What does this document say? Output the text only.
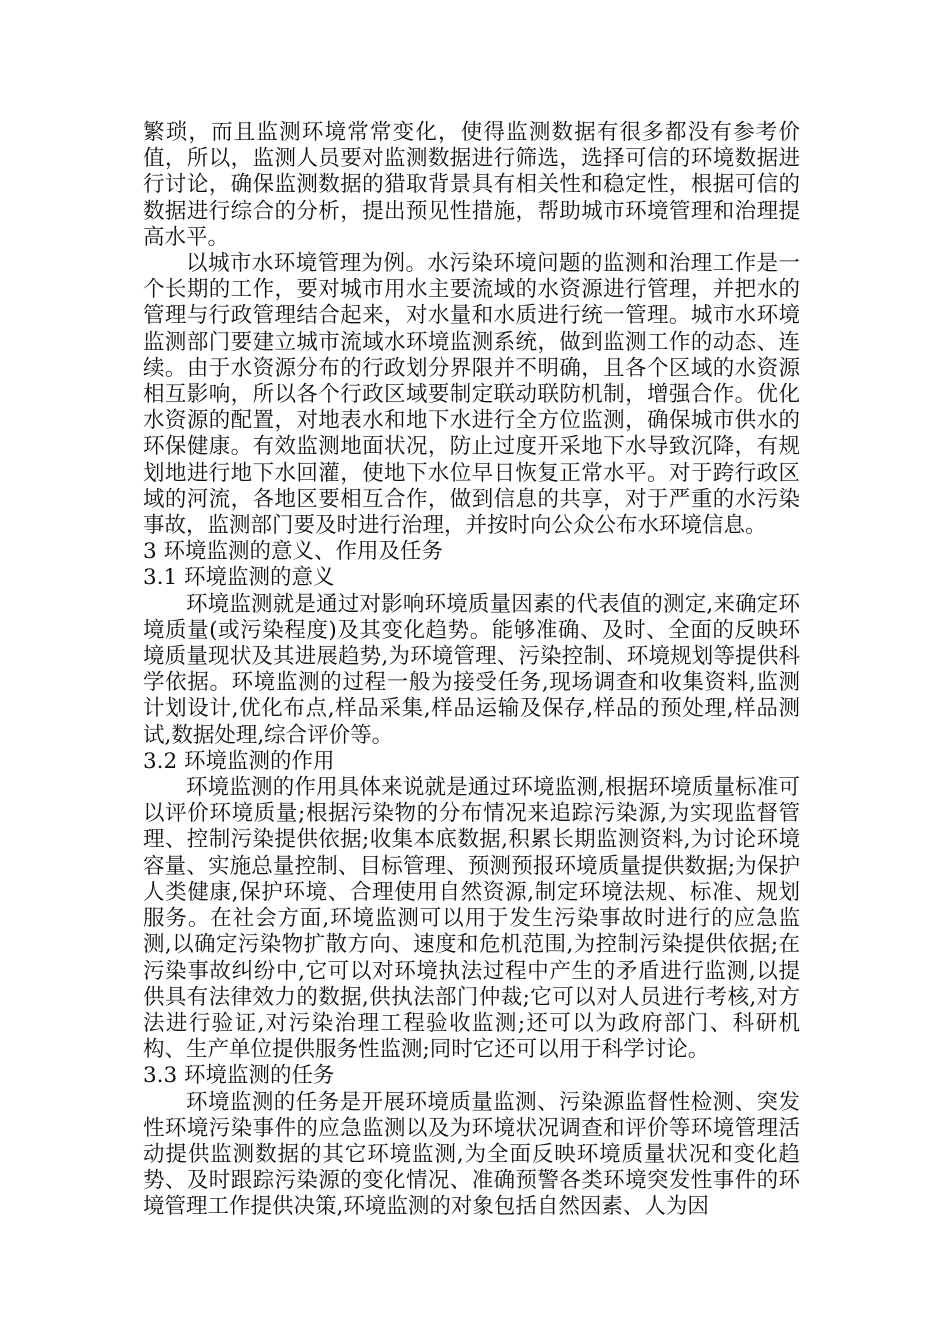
繁琐，而且监测环境常常变化，使得监测数据有很多都没有参考价值，所以，监测人员要对监测数据进行筛选，选择可信的环境数据进行讨论，确保监测数据的猎取背景具有相关性和稳定性，根据可信的数据进行综合的分析，提出预见性措施，帮助城市环境管理和治理提高水平。

以城市水环境管理为例。水污染环境问题的监测和治理工作是一个长期的工作，要对城市用水主要流域的水资源进行管理，并把水的管理与行政管理结合起来，对水量和水质进行统一管理。城市水环境监测部门要建立城市流域水环境监测系统，做到监测工作的动态、连续。由于水资源分布的行政划分界限并不明确，且各个区域的水资源相互影响，所以各个行政区域要制定联动联防机制，增强合作。优化水资源的配置，对地表水和地下水进行全方位监测，确保城市供水的环保健康。有效监测地面状况，防止过度开采地下水导致沉降，有规划地进行地下水回灌，使地下水位早日恢复正常水平。对于跨行政区域的河流，各地区要相互合作，做到信息的共享，对于严重的水污染事故，监测部门要及时进行治理，并按时向公众公布水环境信息。

3 环境监测的意义、作用及任务

3.1 环境监测的意义

环境监测就是通过对影响环境质量因素的代表值的测定,来确定环境质量(或污染程度)及其变化趋势。能够准确、及时、全面的反映环境质量现状及其进展趋势,为环境管理、污染控制、环境规划等提供科学依据。环境监测的过程一般为接受任务,现场调查和收集资料,监测计划设计,优化布点,样品采集,样品运输及保存,样品的预处理,样品测试,数据处理,综合评价等。

3.2 环境监测的作用

环境监测的作用具体来说就是通过环境监测,根据环境质量标准可以评价环境质量;根据污染物的分布情况来追踪污染源,为实现监督管理、控制污染提供依据;收集本底数据,积累长期监测资料,为讨论环境容量、实施总量控制、目标管理、预测预报环境质量提供数据;为保护人类健康,保护环境、合理使用自然资源,制定环境法规、标准、规划服务。在社会方面,环境监测可以用于发生污染事故时进行的应急监测,以确定污染物扩散方向、速度和危机范围,为控制污染提供依据;在污染事故纠纷中,它可以对环境执法过程中产生的矛盾进行监测,以提供具有法律效力的数据,供执法部门仲裁;它可以对人员进行考核,对方法进行验证,对污染治理工程验收监测;还可以为政府部门、科研机构、生产单位提供服务性监测;同时它还可以用于科学讨论。

3.3 环境监测的任务

环境监测的任务是开展环境质量监测、污染源监督性检测、突发性环境污染事件的应急监测以及为环境状况调查和评价等环境管理活动提供监测数据的其它环境监测,为全面反映环境质量状况和变化趋势、及时跟踪污染源的变化情况、准确预警各类环境突发性事件的环境管理工作提供决策,环境监测的对象包括自然因素、人为因
